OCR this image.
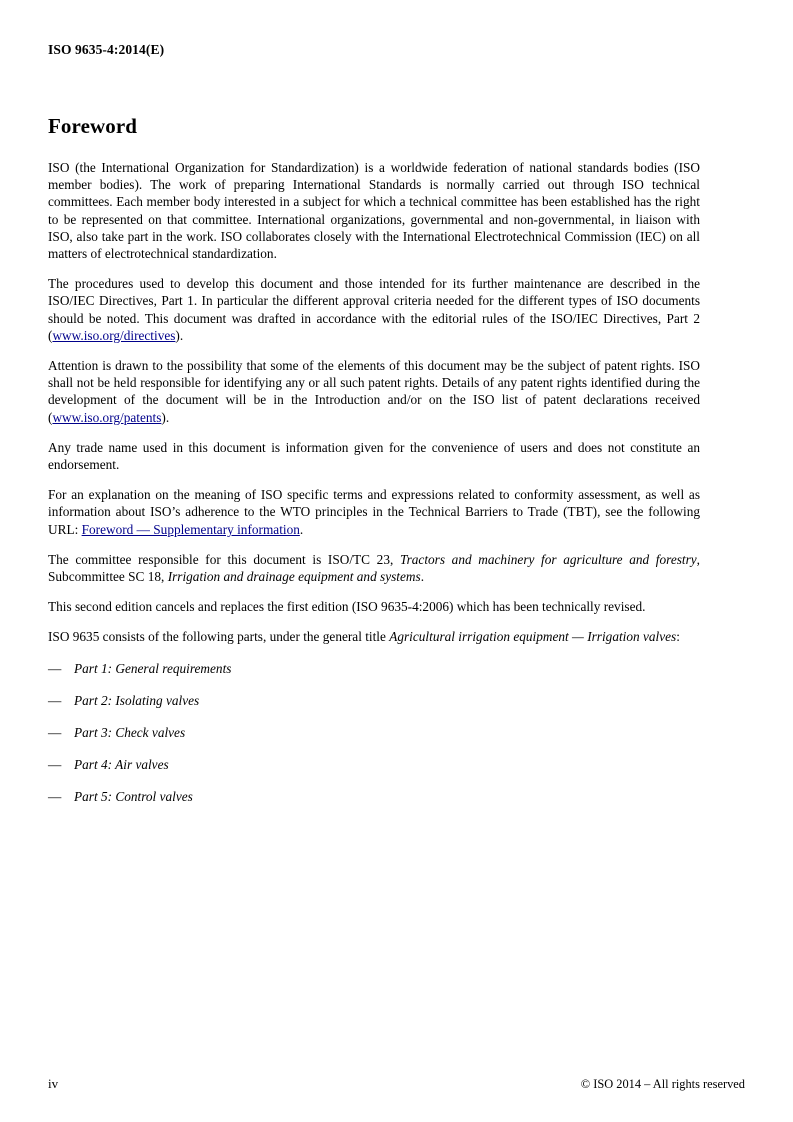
ISO 9635-4:2014(E)
Foreword

ISO (the International Organization for Standardization) is a worldwide federation of national standards bodies (ISO member bodies). The work of preparing International Standards is normally carried out through ISO technical committees. Each member body interested in a subject for which a technical committee has been established has the right to be represented on that committee. International organizations, governmental and non-governmental, in liaison with ISO, also take part in the work. ISO collaborates closely with the International Electrotechnical Commission (IEC) on all matters of electrotechnical standardization.

The procedures used to develop this document and those intended for its further maintenance are described in the ISO/IEC Directives, Part 1. In particular the different approval criteria needed for the different types of ISO documents should be noted. This document was drafted in accordance with the editorial rules of the ISO/IEC Directives, Part 2 (www.iso.org/directives).

Attention is drawn to the possibility that some of the elements of this document may be the subject of patent rights. ISO shall not be held responsible for identifying any or all such patent rights. Details of any patent rights identified during the development of the document will be in the Introduction and/or on the ISO list of patent declarations received (www.iso.org/patents).

Any trade name used in this document is information given for the convenience of users and does not constitute an endorsement.

For an explanation on the meaning of ISO specific terms and expressions related to conformity assessment, as well as information about ISO’s adherence to the WTO principles in the Technical Barriers to Trade (TBT), see the following URL: Foreword — Supplementary information.

The committee responsible for this document is ISO/TC 23, Tractors and machinery for agriculture and forestry, Subcommittee SC 18, Irrigation and drainage equipment and systems.

This second edition cancels and replaces the first edition (ISO 9635-4:2006) which has been technically revised.

ISO 9635 consists of the following parts, under the general title Agricultural irrigation equipment — Irrigation valves:

— Part 1: General requirements
— Part 2: Isolating valves
— Part 3: Check valves
— Part 4: Air valves
— Part 5: Control valves
iv	© ISO 2014 – All rights reserved
